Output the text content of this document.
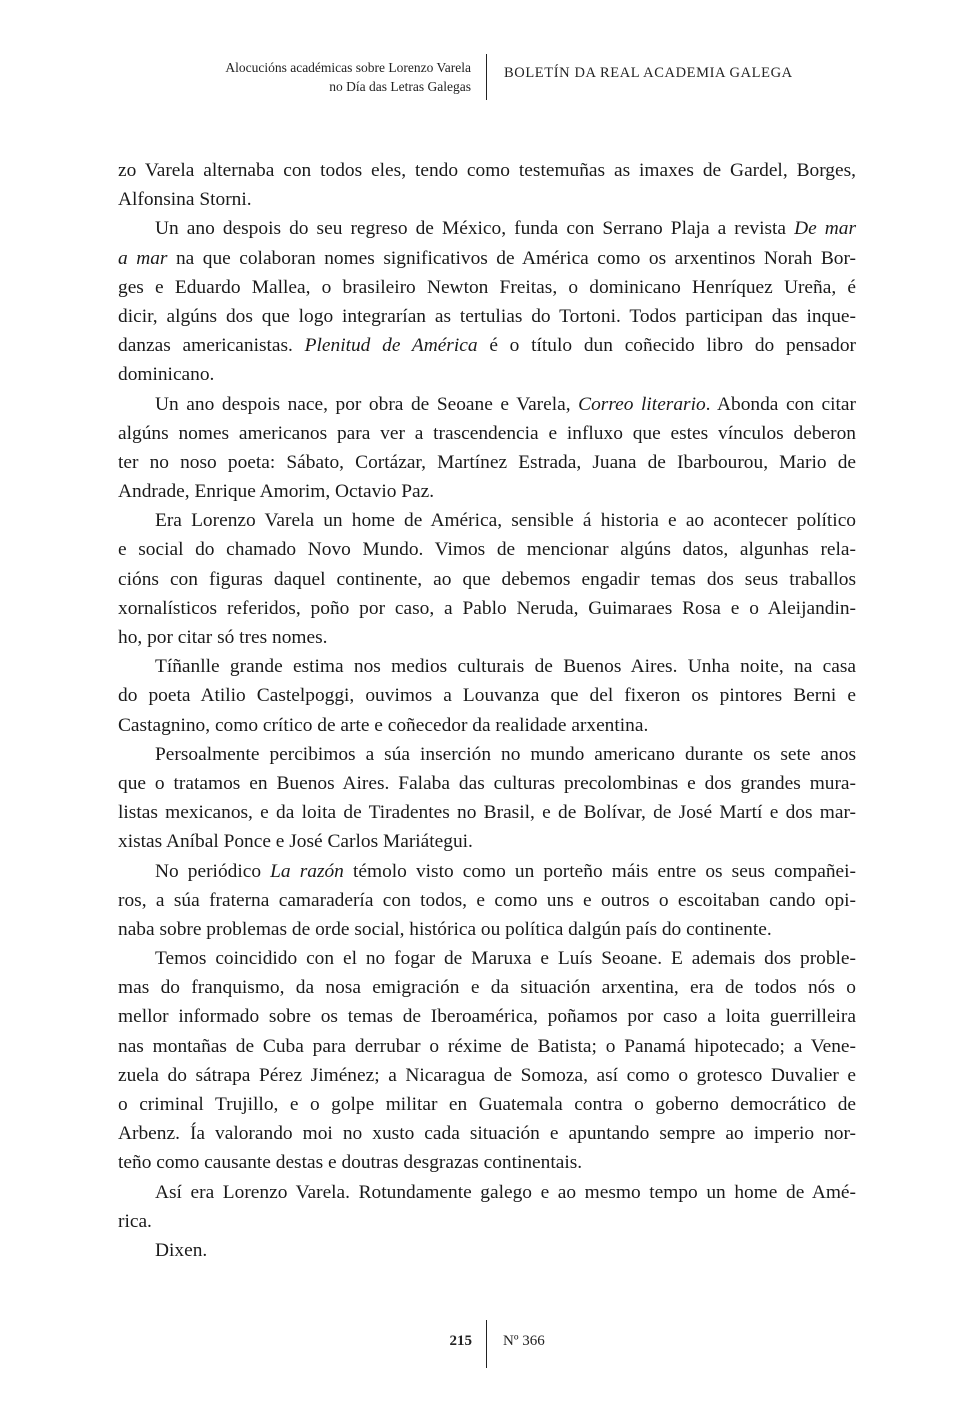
Alocucións académicas sobre Lorenzo Varela
no Día das Letras Galegas
BOLETÍN DA REAL ACADEMIA GALEGA
zo Varela alternaba con todos eles, tendo como testemuñas as imaxes de Gardel, Borges,
Alfonsina Storni.
Un ano despois do seu regreso de México, funda con Serrano Plaja a revista De mar
a mar na que colaboran nomes significativos de América como os arxentinos Norah Bor-
ges e Eduardo Mallea, o brasileiro Newton Freitas, o dominicano Henríquez Ureña, é
dicir, algúns dos que logo integrarían as tertulias do Tortoni. Todos participan das inque-
danzas americanistas. Plenitud de América é o título dun coñecido libro do pensador
dominicano.
Un ano despois nace, por obra de Seoane e Varela, Correo literario. Abonda con citar
algúns nomes americanos para ver a trascendencia e influxo que estes vínculos deberon
ter no noso poeta: Sábato, Cortázar, Martínez Estrada, Juana de Ibarbourou, Mario de
Andrade, Enrique Amorim, Octavio Paz.
Era Lorenzo Varela un home de América, sensible á historia e ao acontecer político
e social do chamado Novo Mundo. Vimos de mencionar algúns datos, algunhas rela-
cións con figuras daquel continente, ao que debemos engadir temas dos seus traballos
xornalísticos referidos, poño por caso, a Pablo Neruda, Guimaraes Rosa e o Aleijandin-
ho, por citar só tres nomes.
Tíñanlle grande estima nos medios culturais de Buenos Aires. Unha noite, na casa
do poeta Atilio Castelpoggi, ouvimos a Louvanza que del fixeron os pintores Berni e
Castagnino, como crítico de arte e coñecedor da realidade arxentina.
Persoalmente percibimos a súa inserción no mundo americano durante os sete anos
que o tratamos en Buenos Aires. Falaba das culturas precolombinas e dos grandes mura-
listas mexicanos, e da loita de Tiradentes no Brasil, e de Bolívar, de José Martí e dos mar-
xistas Aníbal Ponce e José Carlos Mariátegui.
No periódico La razón témolo visto como un porteño máis entre os seus compañei-
ros, a súa fraterna camaradería con todos, e como uns e outros o escoitaban cando opi-
naba sobre problemas de orde social, histórica ou política dalgún país do continente.
Temos coincidido con el no fogar de Maruxa e Luís Seoane. E ademais dos proble-
mas do franquismo, da nosa emigración e da situación arxentina, era de todos nós o
mellor informado sobre os temas de Iberoamérica, poñamos por caso a loita guerrilleira
nas montañas de Cuba para derrubar o réxime de Batista; o Panamá hipotecado; a Vene-
zuela do sátrapa Pérez Jiménez; a Nicaragua de Somoza, así como o grotesco Duvalier e
o criminal Trujillo, e o golpe militar en Guatemala contra o goberno democrático de
Arbenz. Ía valorando moi no xusto cada situación e apuntando sempre ao imperio nor-
teño como causante destas e doutras desgrazas continentais.
Así era Lorenzo Varela. Rotundamente galego e ao mesmo tempo un home de Amé-
rica.
Dixen.
215 Nº 366
